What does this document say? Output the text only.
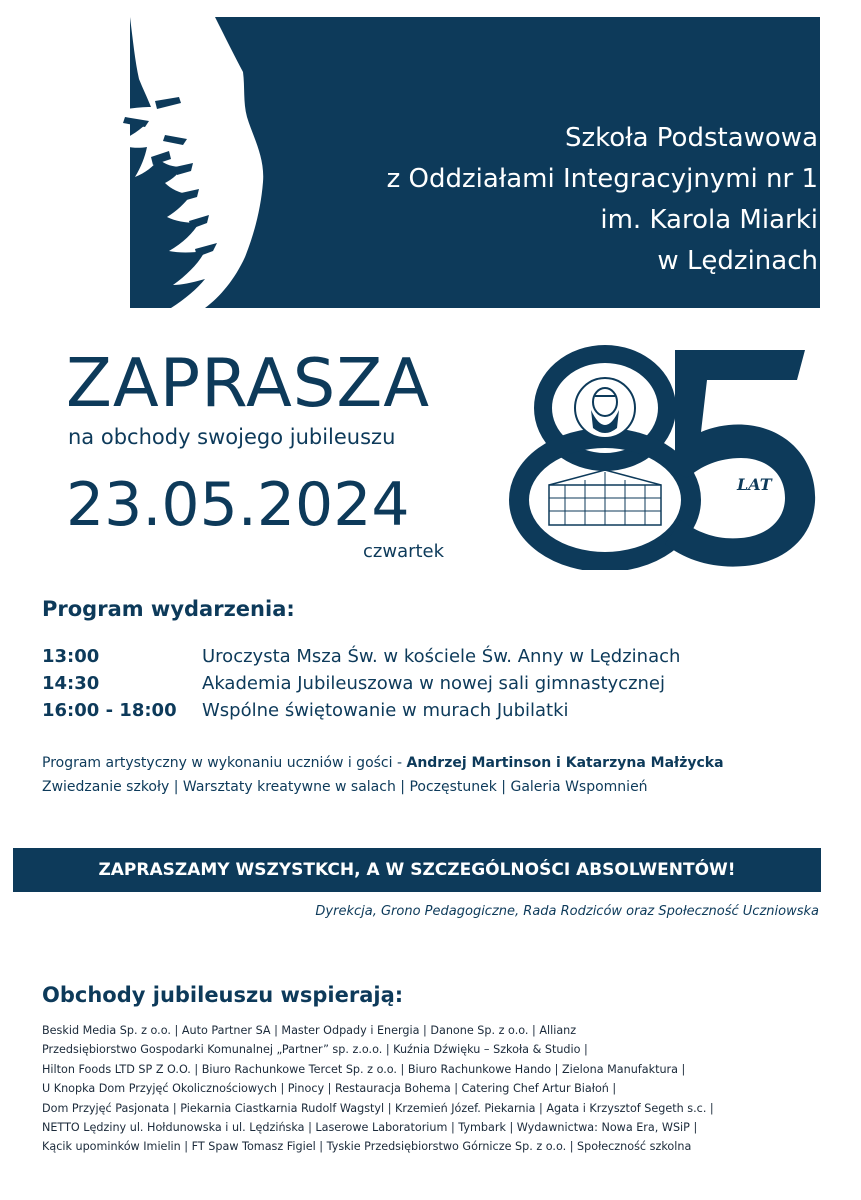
Szkoła Podstawowa
z Oddziałami Integracyjnymi nr 1
im. Karola Miarki
w Lędzinach
ZAPRASZA
na obchody swojego jubileuszu
23.05.2024
czwartek
LAT
Program wydarzenia:
13:00	Uroczysta Msza Św. w kościele Św. Anny w Lędzinach
14:30	Akademia Jubileuszowa w nowej sali gimnastycznej
16:00 - 18:00 Wspólne świętowanie w murach Jubilatki
Program artystyczny w wykonaniu uczniów i gości - Andrzej Martinson i Katarzyna Małżycka
Zwiedzanie szkoły | Warsztaty kreatywne w salach | Poczęstunek | Galeria Wspomnień
ZAPRASZAMY WSZYSTKCH, A W SZCZEGÓLNOŚCI ABSOLWENTÓW!
Dyrekcja, Grono Pedagogiczne, Rada Rodziców oraz Społeczność Uczniowska
Obchody jubileuszu wspierają:
Beskid Media Sp. z o.o. | Auto Partner SA | Master Odpady i Energia | Danone Sp. z o.o. | Allianz
Przedsiębiorstwo Gospodarki Komunalnej „Partner” sp. z.o.o. | Kuźnia Dźwięku – Szkoła & Studio |
Hilton Foods LTD SP Z O.O. | Biuro Rachunkowe Tercet Sp. z o.o. | Biuro Rachunkowe Hando | Zielona Manufaktura |
U Knopka Dom Przyjęć Okolicznościowych | Pinocy | Restauracja Bohema | Catering Chef Artur Białoń |
Dom Przyjęć Pasjonata | Piekarnia Ciastkarnia Rudolf Wagstyl | Krzemień Józef. Piekarnia | Agata i Krzysztof Segeth s.c. |
NETTO Lędziny ul. Hołdunowska i ul. Lędzińska | Laserowe Laboratorium | Tymbark | Wydawnictwa: Nowa Era, WSiP |
Kącik upominków Imielin | FT Spaw Tomasz Figiel | Tyskie Przedsiębiorstwo Górnicze Sp. z o.o. | Społeczność szkolna
